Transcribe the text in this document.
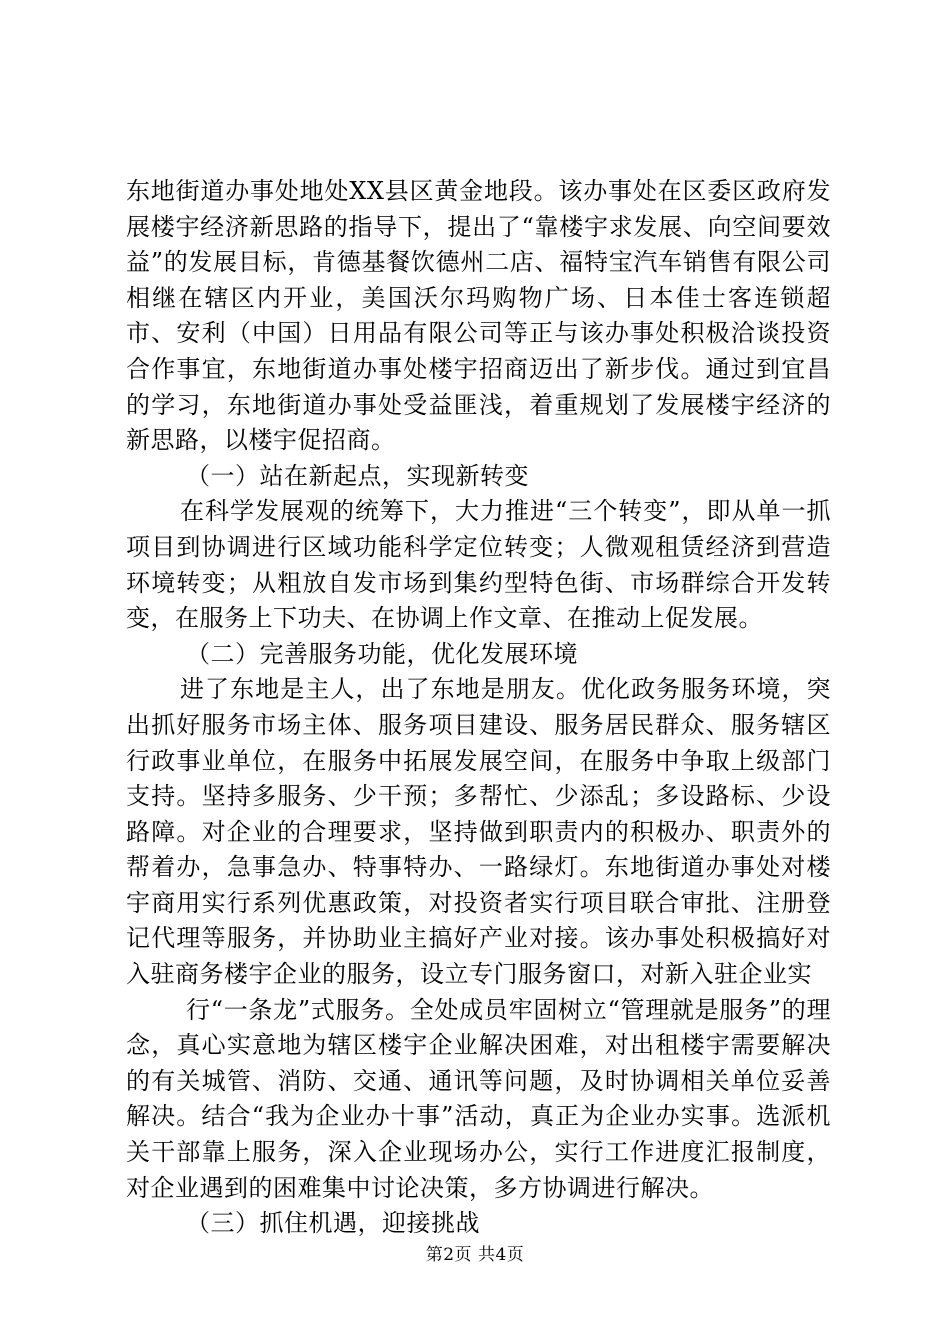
东地街道办事处地处XX县区黄金地段。该办事处在区委区政府发展楼宇经济新思路的指导下，提出了“靠楼宇求发展、向空间要效益”的发展目标，肯德基餐饮德州二店、福特宝汽车销售有限公司相继在辖区内开业，美国沃尔玛购物广场、日本佳士客连锁超市、安利（中国）日用品有限公司等正与该办事处积极洽谈投资合作事宜，东地街道办事处楼宇招商迈出了新步伐。通过到宜昌的学习，东地街道办事处受益匪浅，着重规划了发展楼宇经济的新思路，以楼宇促招商。

（一）站在新起点，实现新转变

在科学发展观的统筹下，大力推进“三个转变”，即从单一抓项目到协调进行区域功能科学定位转变；人微观租赁经济到营造环境转变；从粗放自发市场到集约型特色街、市场群综合开发转变，在服务上下功夫、在协调上作文章、在推动上促发展。

（二）完善服务功能，优化发展环境

进了东地是主人，出了东地是朋友。优化政务服务环境，突出抓好服务市场主体、服务项目建设、服务居民群众、服务辖区行政事业单位，在服务中拓展发展空间，在服务中争取上级部门支持。坚持多服务、少干预；多帮忙、少添乱；多设路标、少设路障。对企业的合理要求，坚持做到职责内的积极办、职责外的帮着办，急事急办、特事特办、一路绿灯。东地街道办事处对楼宇商用实行系列优惠政策，对投资者实行项目联合审批、注册登记代理等服务，并协助业主搞好产业对接。该办事处积极搞好对入驻商务楼宇企业的服务，设立专门服务窗口，对新入驻企业实

行“一条龙”式服务。全处成员牢固树立“管理就是服务”的理念，真心实意地为辖区楼宇企业解决困难，对出租楼宇需要解决的有关城管、消防、交通、通讯等问题，及时协调相关单位妥善解决。结合“我为企业办十事”活动，真正为企业办实事。选派机关干部靠上服务，深入企业现场办公，实行工作进度汇报制度，对企业遇到的困难集中讨论决策，多方协调进行解决。

（三）抓住机遇，迎接挑战

第2页 共4页
